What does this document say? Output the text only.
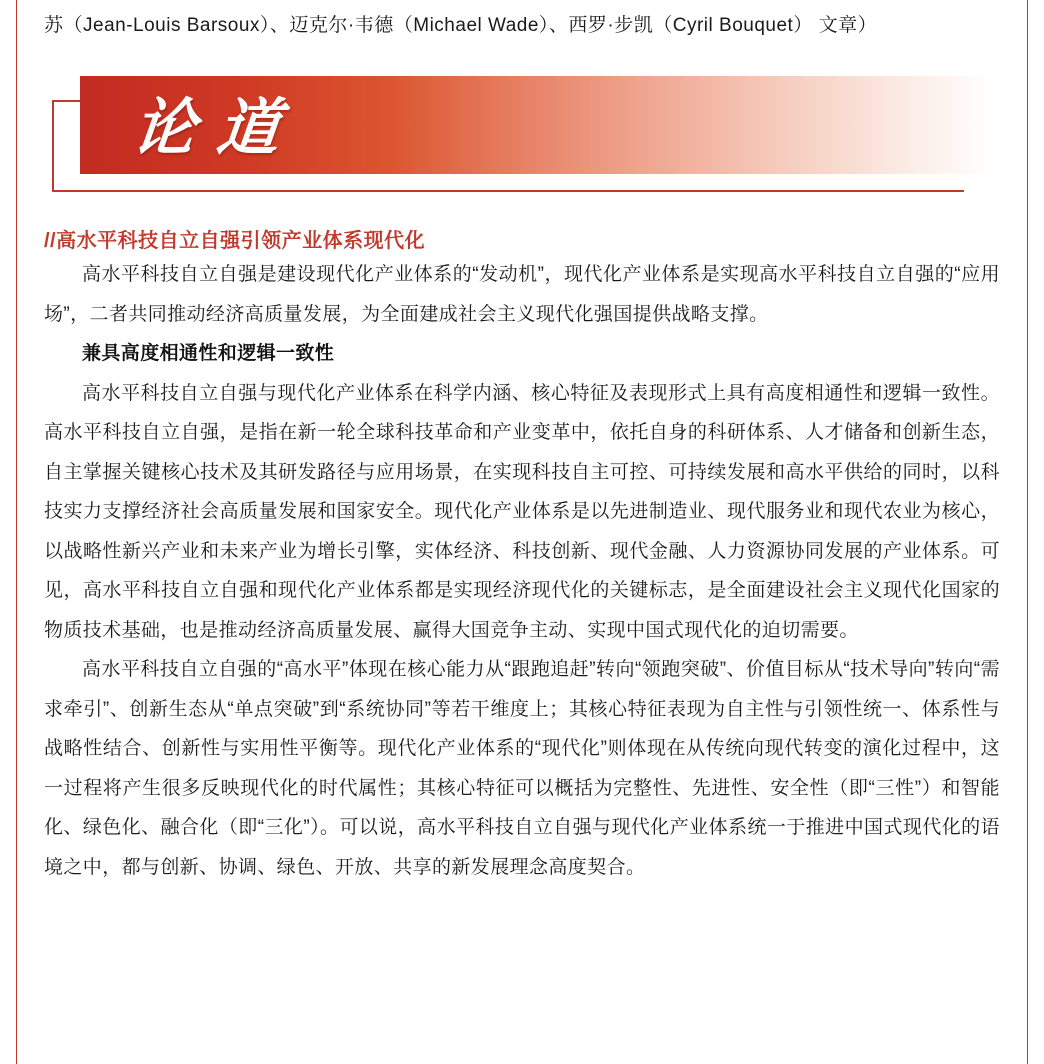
苏（Jean-Louis Barsoux）、迈克尔·韦德（Michael Wade）、西罗·步凯（Cyril Bouquet） 文章）
论道
//高水平科技自立自强引领产业体系现代化

高水平科技自立自强是建设现代化产业体系的“发动机”，现代化产业体系是实现高水平科技自立自强的“应用场”，二者共同推动经济高质量发展，为全面建成社会主义现代化强国提供战略支撑。

兼具高度相通性和逻辑一致性

高水平科技自立自强与现代化产业体系在科学内涵、核心特征及表现形式上具有高度相通性和逻辑一致性。高水平科技自立自强，是指在新一轮全球科技革命和产业变革中，依托自身的科研体系、人才储备和创新生态，自主掌握关键核心技术及其研发路径与应用场景，在实现科技自主可控、可持续发展和高水平供给的同时，以科技实力支撑经济社会高质量发展和国家安全。现代化产业体系是以先进制造业、现代服务业和现代农业为核心，以战略性新兴产业和未来产业为增长引擎，实体经济、科技创新、现代金融、人力资源协同发展的产业体系。可见，高水平科技自立自强和现代化产业体系都是实现经济现代化的关键标志，是全面建设社会主义现代化国家的物质技术基础，也是推动经济高质量发展、赢得大国竞争主动、实现中国式现代化的迫切需要。

高水平科技自立自强的“高水平”体现在核心能力从“跟跑追赶”转向“领跑突破”、价值目标从“技术导向”转向“需求牵引”、创新生态从“单点突破”到“系统协同”等若干维度上；其核心特征表现为自主性与引领性统一、体系性与战略性结合、创新性与实用性平衡等。现代化产业体系的“现代化”则体现在从传统向现代转变的演化过程中，这一过程将产生很多反映现代化的时代属性；其核心特征可以概括为完整性、先进性、安全性（即“三性”）和智能化、绿色化、融合化（即“三化”）。可以说，高水平科技自立自强与现代化产业体系统一于推进中国式现代化的语境之中，都与创新、协调、绿色、开放、共享的新发展理念高度契合。
